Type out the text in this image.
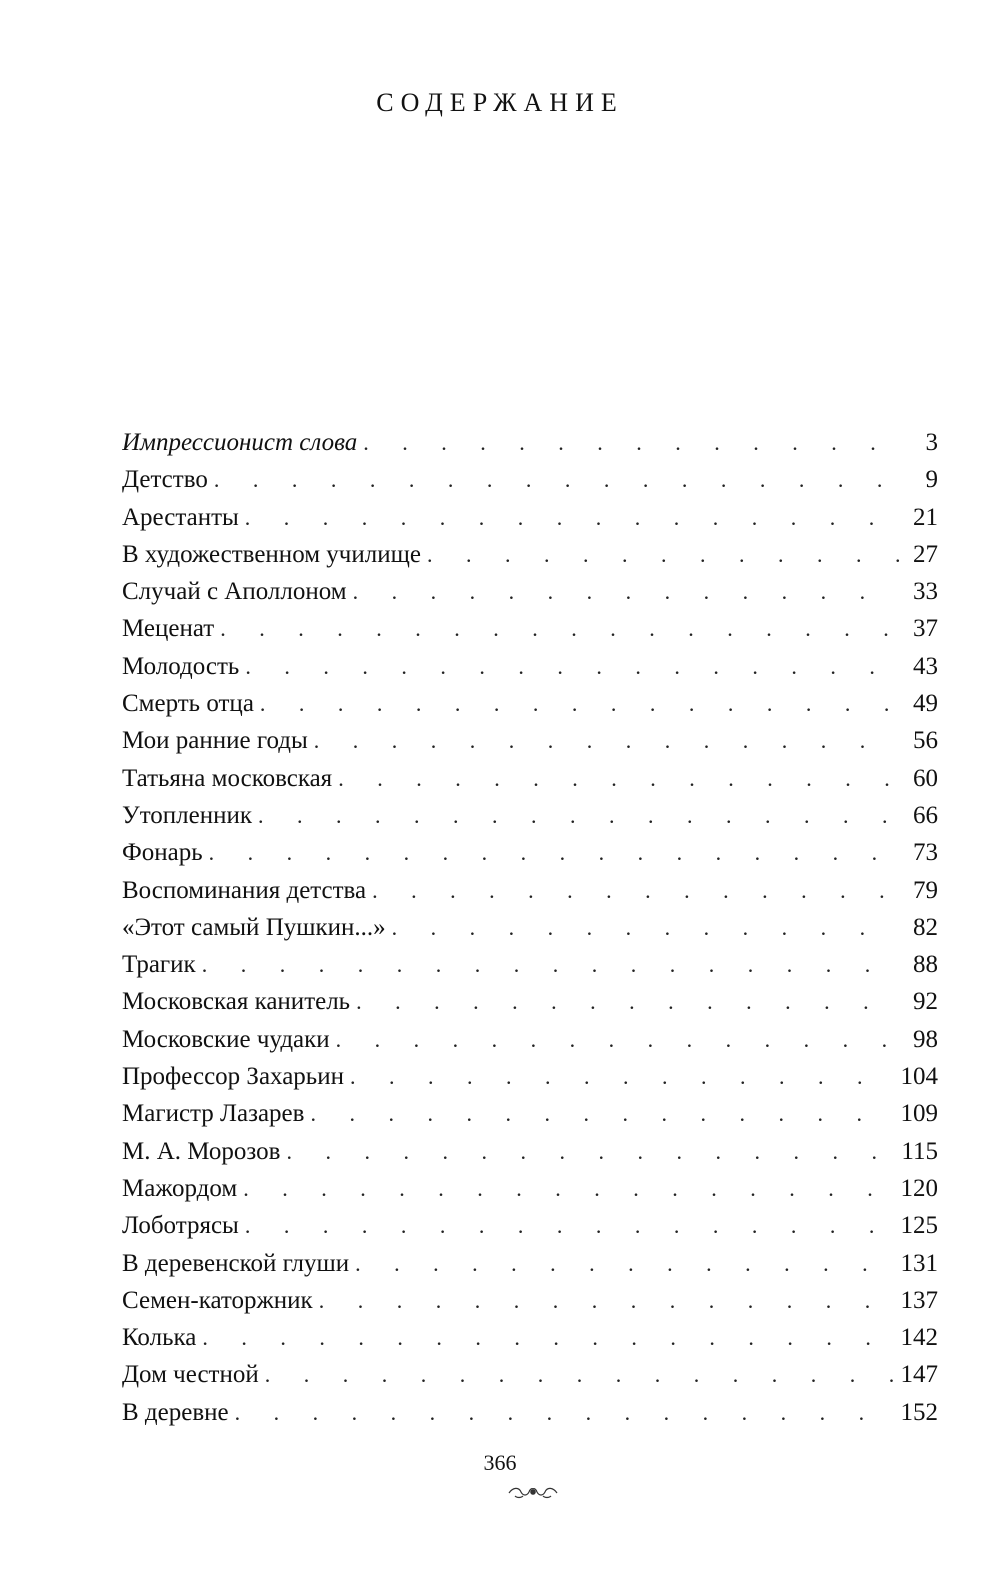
СОДЕРЖАНИЕ
Импрессионист слова . . .	3
Детство . . .	9
Арестанты . . .	21
В художественном училище . . .	27
Случай с Аполлоном . . .	33
Меценат . . .	37
Молодость . . .	43
Смерть отца . . .	49
Мои ранние годы . . .	56
Татьяна московская . . .	60
Утопленник . . .	66
Фонарь . . .	73
Воспоминания детства . . .	79
«Этот самый Пушкин...» . . .	82
Трагик . . .	88
Московская канитель . . .	92
Московские чудаки . . .	98
Профессор Захарьин . . .	104
Магистр Лазарев . . .	109
М. А. Морозов . . .	115
Мажордом . . .	120
Лоботрясы . . .	125
В деревенской глуши . . .	131
Семен-каторжник . . .	137
Колька . . .	142
Дом честной . . .	147
В деревне . . .	152
366
